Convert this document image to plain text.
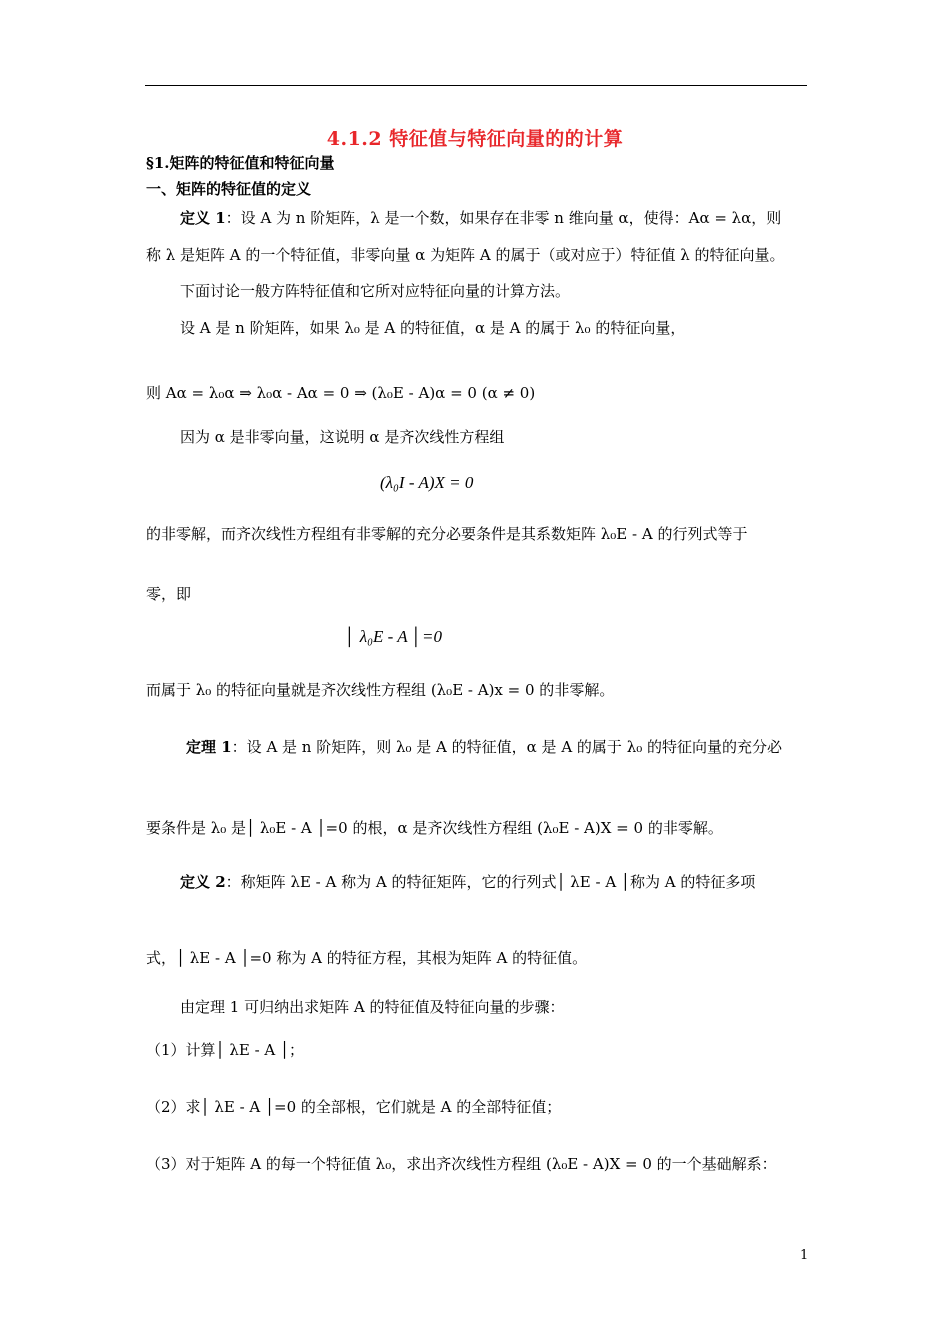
4.1.2 特征值与特征向量的的计算
§1.矩阵的特征值和特征向量
一、矩阵的特征值的定义
定义 1：设 A 为 n 阶矩阵，λ 是一个数，如果存在非零 n 维向量 α，使得：Aα = λα，则
称 λ 是矩阵 A 的一个特征值，非零向量 α 为矩阵 A 的属于（或对应于）特征值 λ 的特征向量。
下面讨论一般方阵特征值和它所对应特征向量的计算方法。
设 A 是 n 阶矩阵，如果 λ₀ 是 A 的特征值，α 是 A 的属于 λ₀ 的特征向量，
则 Aα = λ₀α ⇒ λ₀α - Aα = 0 ⇒ (λ₀E - A)α = 0 (α ≠ 0)
因为 α 是非零向量，这说明 α 是齐次线性方程组
(λ₀I - A)X = 0
的非零解，而齐次线性方程组有非零解的充分必要条件是其系数矩阵 λ₀E - A 的行列式等于
零，即
│ λ₀E - A │=0
而属于 λ₀ 的特征向量就是齐次线性方程组 (λ₀E - A)x = 0 的非零解。
定理 1：设 A 是 n 阶矩阵，则 λ₀ 是 A 的特征值，α 是 A 的属于 λ₀ 的特征向量的充分必
要条件是 λ₀ 是│ λ₀E - A │=0 的根，α 是齐次线性方程组 (λ₀E - A)X = 0 的非零解。
定义 2：称矩阵 λE - A 称为 A 的特征矩阵，它的行列式│ λE - A │称为 A 的特征多项
式，│ λE - A │=0 称为 A 的特征方程，其根为矩阵 A 的特征值。
由定理 1 可归纳出求矩阵 A 的特征值及特征向量的步骤：
（1）计算│ λE - A │；
（2）求│ λE - A │=0 的全部根，它们就是 A 的全部特征值；
（3）对于矩阵 A 的每一个特征值 λ₀，求出齐次线性方程组 (λ₀E - A)X = 0 的一个基础解系：
1
